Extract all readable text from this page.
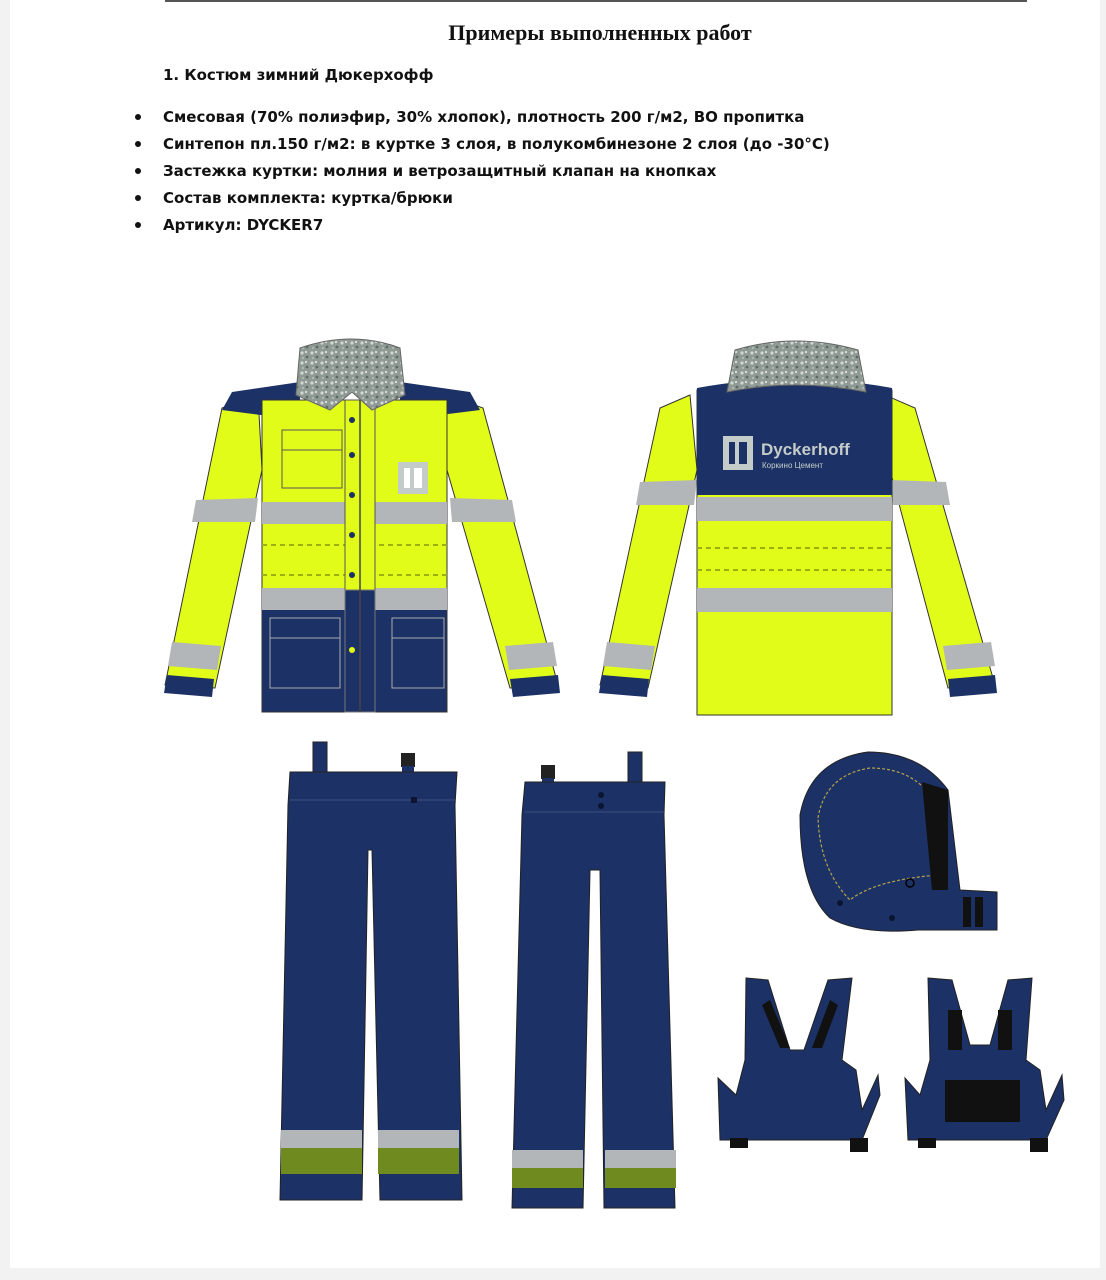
Примеры выполненных работ
1. Костюм зимний Дюкерхофф
Смесовая (70% полиэфир, 30% хлопок), плотность 200 г/м2, ВО пропитка
Синтепон пл.150 г/м2: в куртке 3 слоя, в полукомбинезоне 2 слоя (до -30°С)
Застежка куртки: молния и ветрозащитный клапан на кнопках
Состав комплекта: куртка/брюки
Артикул: DYCKER7
Dyckerhoff
Коркино Цемент
